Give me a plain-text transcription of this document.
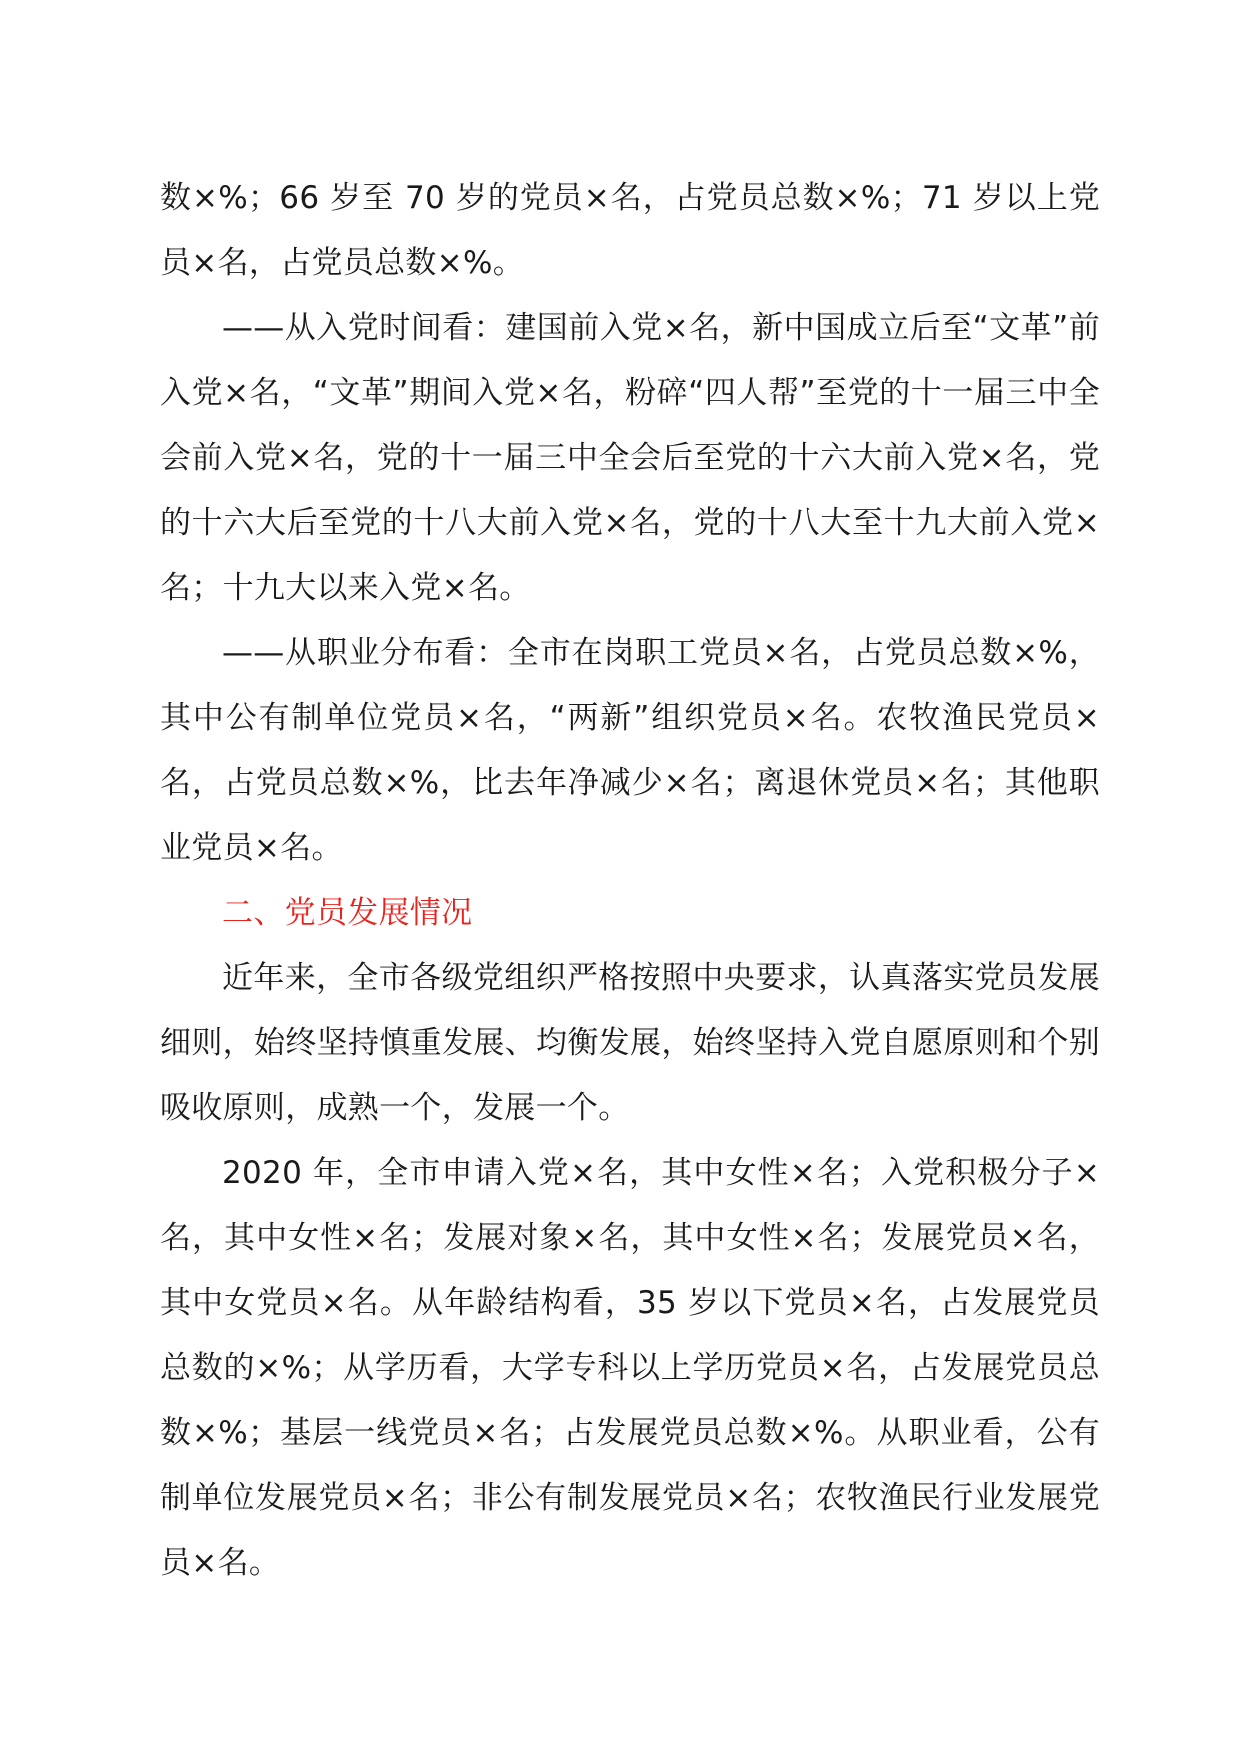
数×%；66 岁至 70 岁的党员×名，占党员总数×%；71 岁以上党员×名，占党员总数×%。

——从入党时间看：建国前入党×名，新中国成立后至“文革”前入党×名，“文革”期间入党×名，粉碎“四人帮”至党的十一届三中全会前入党×名，党的十一届三中全会后至党的十六大前入党×名，党的十六大后至党的十八大前入党×名，党的十八大至十九大前入党×名；十九大以来入党×名。

——从职业分布看：全市在岗职工党员×名，占党员总数×%，其中公有制单位党员×名，“两新”组织党员×名。农牧渔民党员×名，占党员总数×%，比去年净减少×名；离退休党员×名；其他职业党员×名。

二、党员发展情况

近年来，全市各级党组织严格按照中央要求，认真落实党员发展细则，始终坚持慎重发展、均衡发展，始终坚持入党自愿原则和个别吸收原则，成熟一个，发展一个。

2020 年，全市申请入党×名，其中女性×名；入党积极分子×名，其中女性×名；发展对象×名，其中女性×名；发展党员×名，其中女党员×名。从年龄结构看，35 岁以下党员×名，占发展党员总数的×%；从学历看，大学专科以上学历党员×名，占发展党员总数×%；基层一线党员×名；占发展党员总数×%。从职业看，公有制单位发展党员×名；非公有制发展党员×名；农牧渔民行业发展党员×名。
